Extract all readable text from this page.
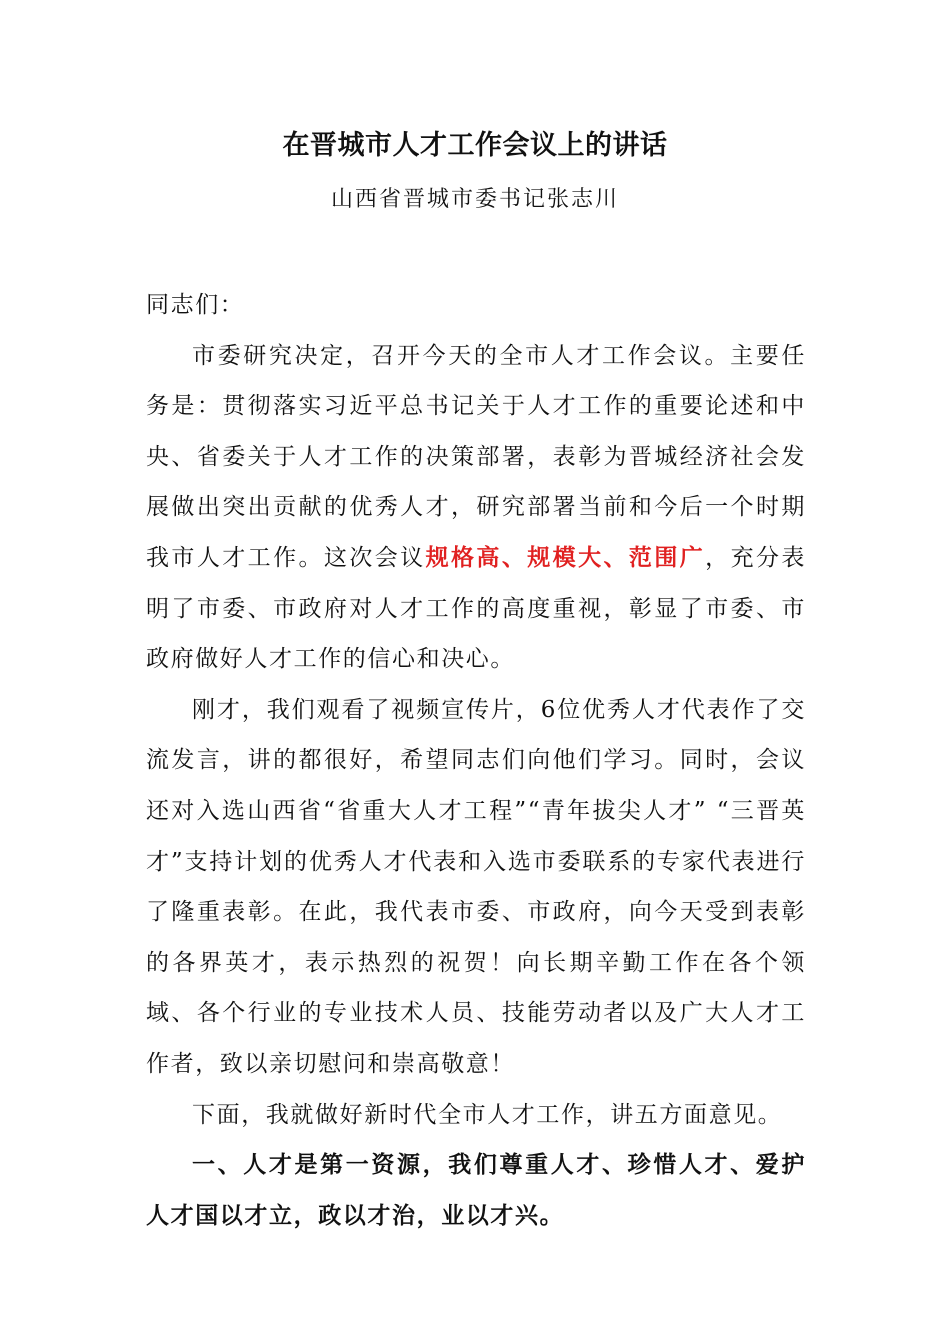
在晋城市人才工作会议上的讲话
山西省晋城市委书记张志川

同志们：

市委研究决定，召开今天的全市人才工作会议。主要任务是：贯彻落实习近平总书记关于人才工作的重要论述和中央、省委关于人才工作的决策部署，表彰为晋城经济社会发展做出突出贡献的优秀人才，研究部署当前和今后一个时期我市人才工作。这次会议规格高、规模大、范围广，充分表明了市委、市政府对人才工作的高度重视，彰显了市委、市政府做好人才工作的信心和决心。

刚才，我们观看了视频宣传片，6位优秀人才代表作了交流发言，讲的都很好，希望同志们向他们学习。同时，会议还对入选山西省“省重大人才工程”“青年拔尖人才” “三晋英才”支持计划的优秀人才代表和入选市委联系的专家代表进行了隆重表彰。在此，我代表市委、市政府，向今天受到表彰的各界英才，表示热烈的祝贺！向长期辛勤工作在各个领域、各个行业的专业技术人员、技能劳动者以及广大人才工作者，致以亲切慰问和崇高敬意！

下面，我就做好新时代全市人才工作，讲五方面意见。

一、人才是第一资源，我们尊重人才、珍惜人才、爱护人才国以才立，政以才治，业以才兴。
